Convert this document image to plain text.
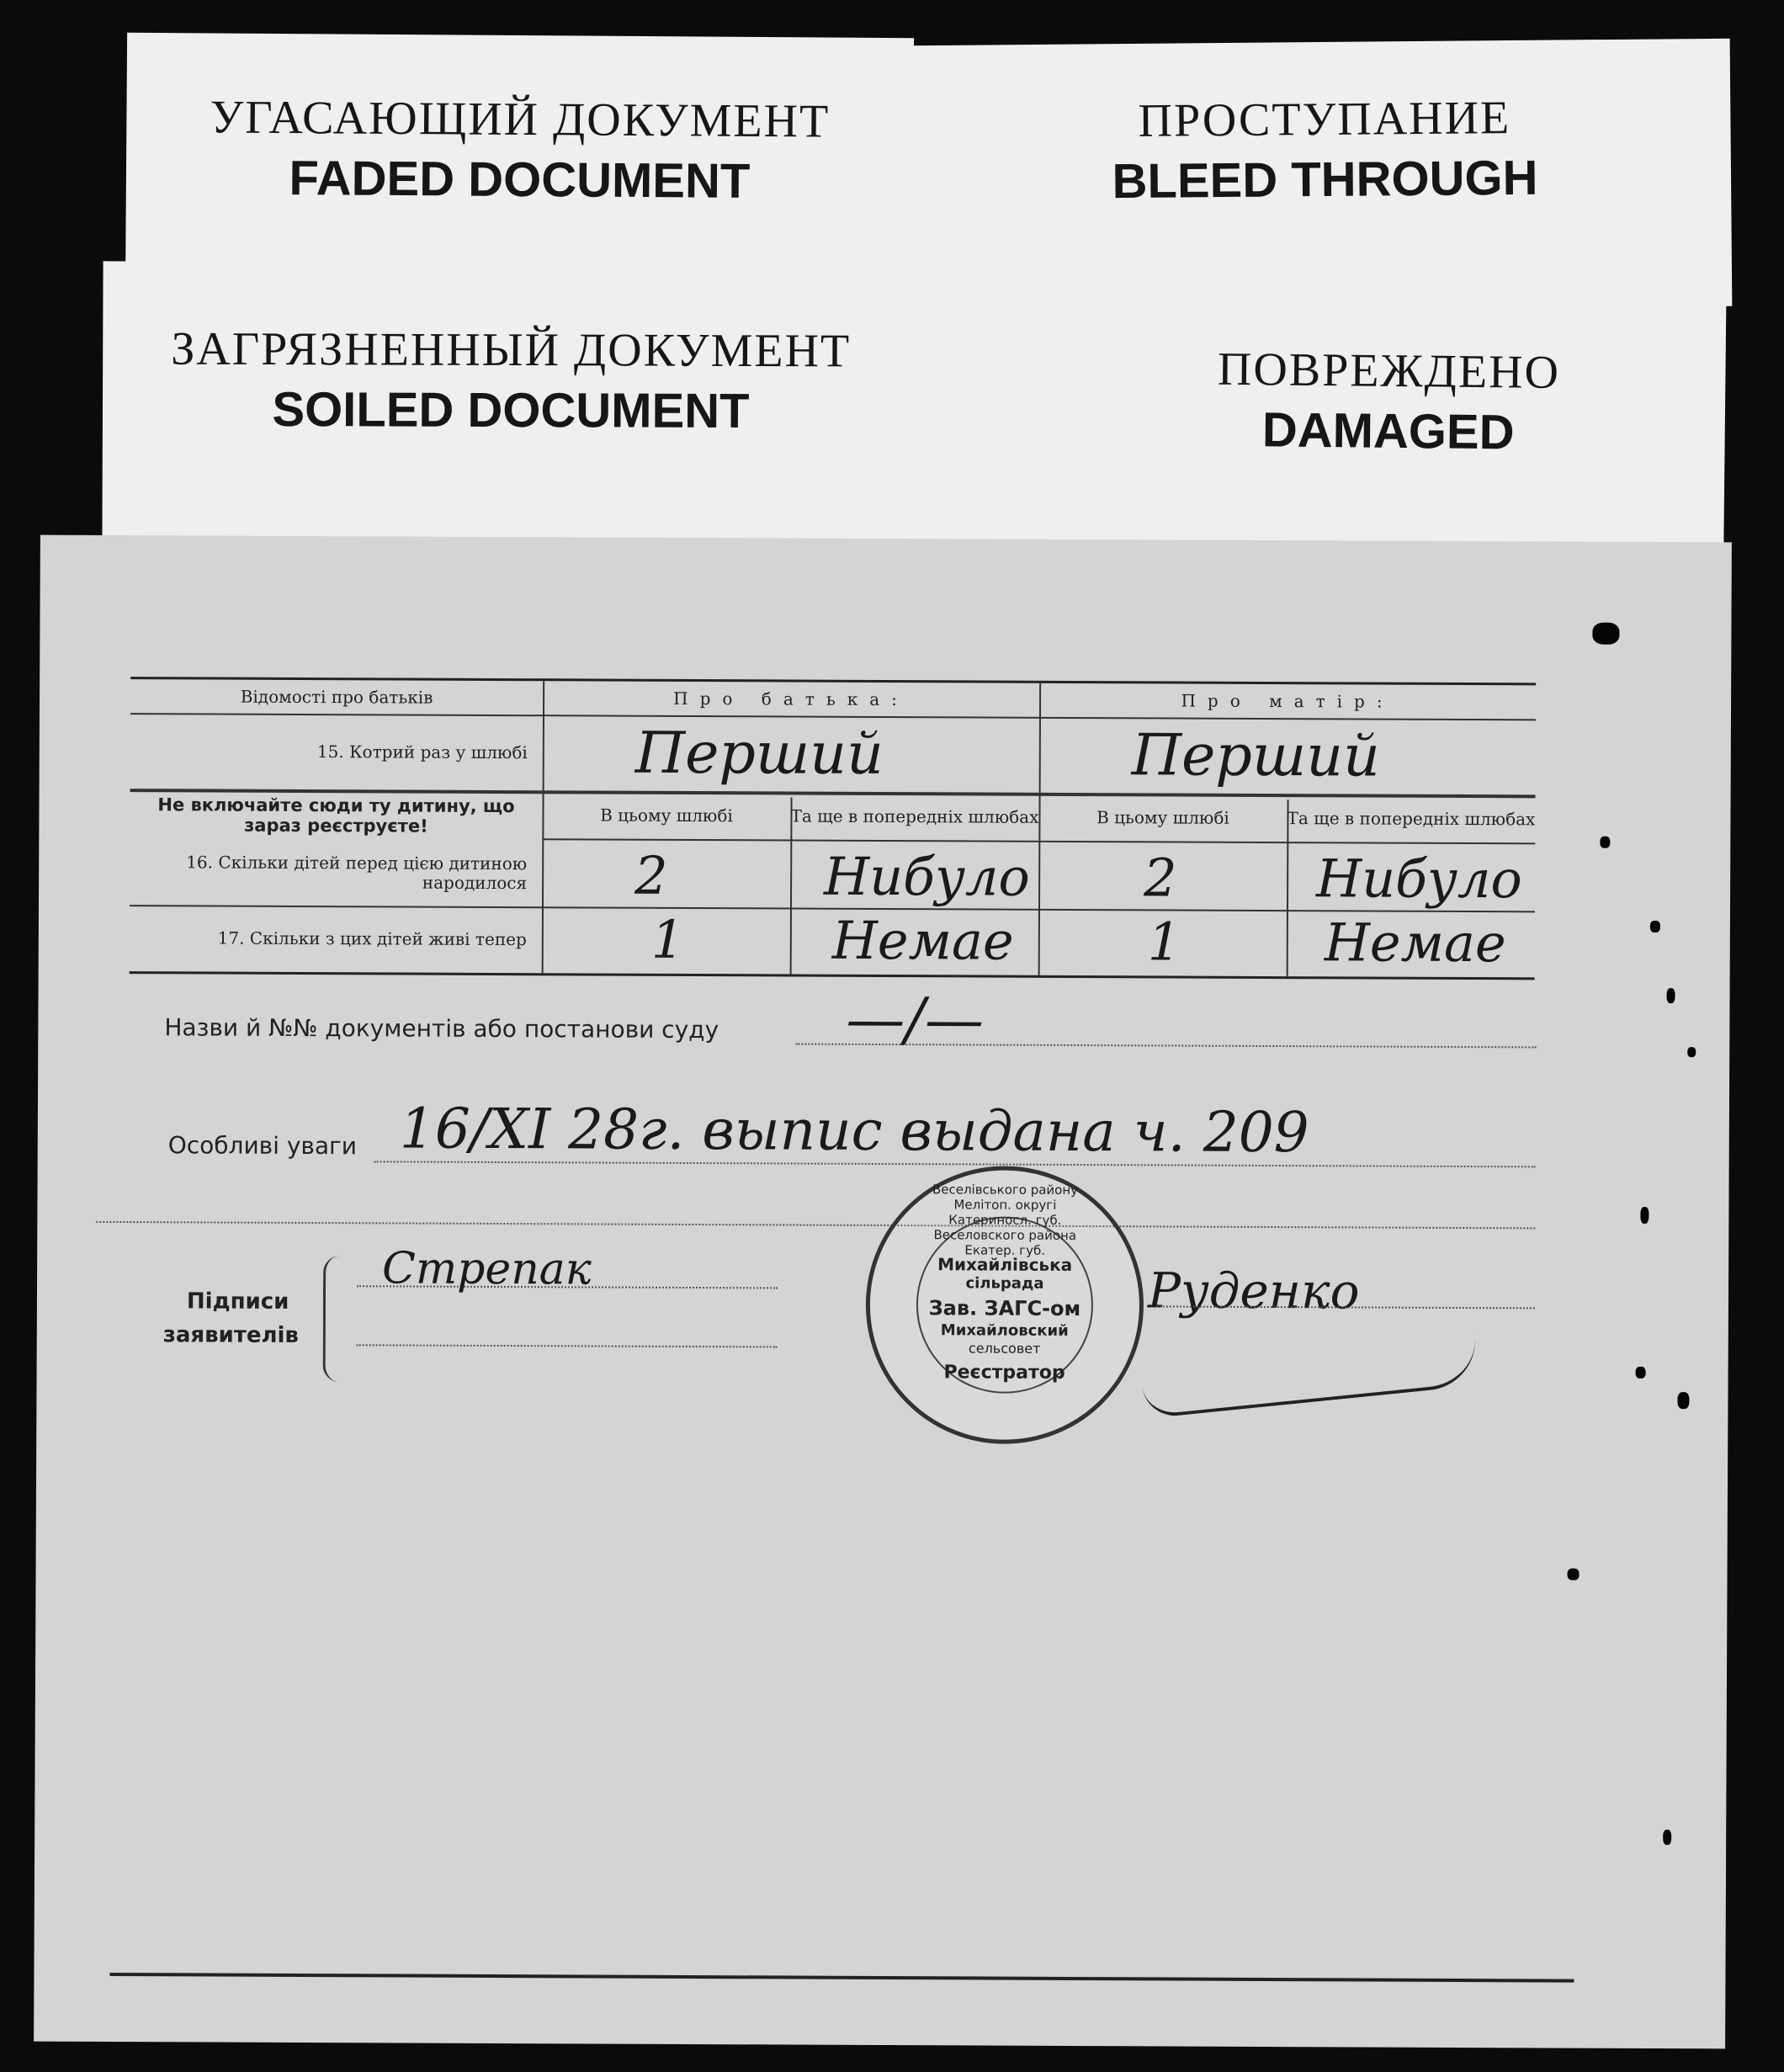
УГАСАЮЩИЙ ДОКУМЕНТ
FADED DOCUMENT
ПРОСТУПАНИЕ
BLEED THROUGH
ЗАГРЯЗНЕННЫЙ ДОКУМЕНТ
SOILED DOCUMENT
ПОВРЕЖДЕНО
DAMAGED
Відомості про батьків	Про батька:	Про матір:
15. Котрий раз у шлюбі Перший	Перший
Не включайте сюди ту дитину, що зараз реєструєте!	В цьому шлюбі	Та ще в попередніх шлюбах	В цьому шлюбі	Та ще в попередніх шлюбах
16. Скільки дітей перед цією дитиною народилося 2	Нибуло 2	Нибуло
17. Скільки з цих дітей живі тепер 1	Немае	1	Немае
Назви й №№ документів або постанови суду —/—
Особливі уваги 16/XI 28г. выпис выдана ч. 209
Підписи
заявителів
Стрепак
Веселівського району Мелітоп. округі Катериносл. губ. Веселовского района Екатер. губ.
Михайлівська
сільрада
Зав. ЗАГС-ом
Михайловский
сельсовет
Реєстратор
Руденко
